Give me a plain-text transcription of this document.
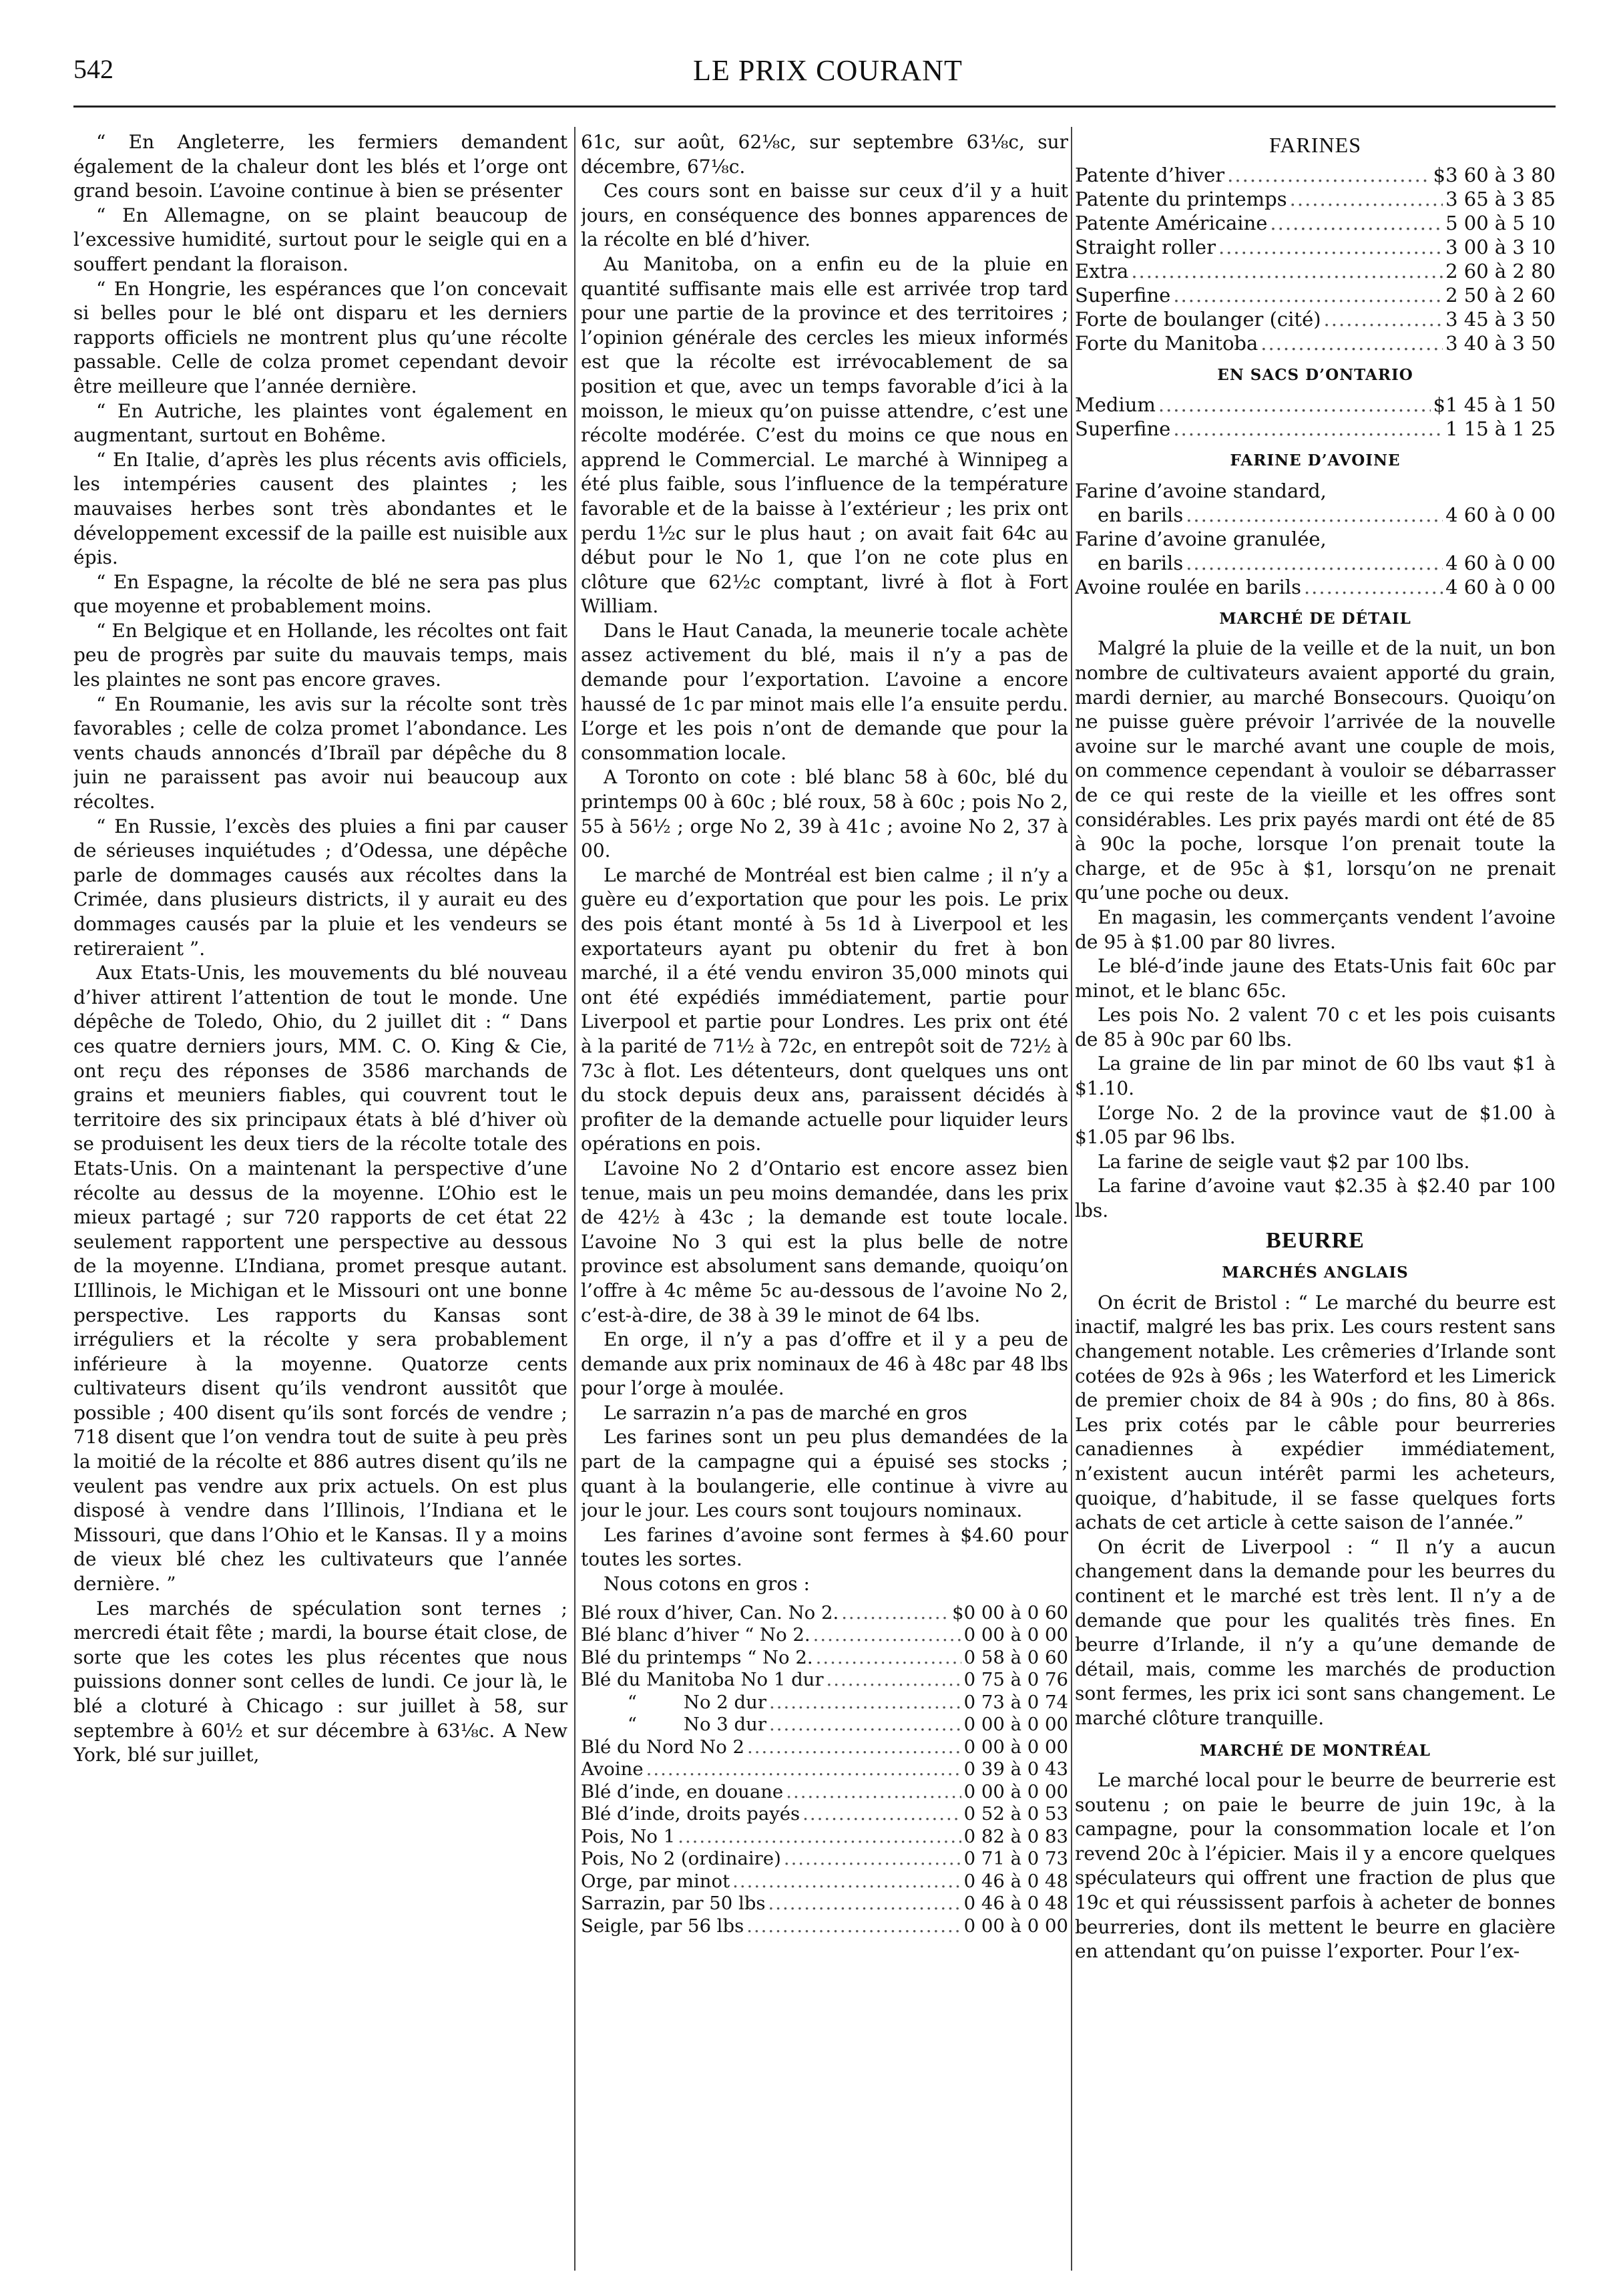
542	LE PRIX COURANT

“ En Angleterre, les fermiers demandent également de la chaleur dont les blés et l’orge ont grand besoin. L’avoine continue à bien se présenter

“ En Allemagne, on se plaint beaucoup de l’excessive humidité, surtout pour le seigle qui en a souffert pendant la floraison.

“ En Hongrie, les espérances que l’on concevait si belles pour le blé ont disparu et les derniers rapports officiels ne montrent plus qu’une récolte passable. Celle de colza promet cependant devoir être meilleure que l’année dernière.

“ En Autriche, les plaintes vont également en augmentant, surtout en Bohême.

“ En Italie, d’après les plus récents avis officiels, les intempéries causent des plaintes ; les mauvaises herbes sont très abondantes et le développement excessif de la paille est nuisible aux épis.

“ En Espagne, la récolte de blé ne sera pas plus que moyenne et probablement moins.

“ En Belgique et en Hollande, les récoltes ont fait peu de progrès par suite du mauvais temps, mais les plaintes ne sont pas encore graves.

“ En Roumanie, les avis sur la récolte sont très favorables ; celle de colza promet l’abondance. Les vents chauds annoncés d’Ibraïl par dépêche du 8 juin ne paraissent pas avoir nui beaucoup aux récoltes.

“ En Russie, l’excès des pluies a fini par causer de sérieuses inquiétudes ; d’Odessa, une dépêche parle de dommages causés aux récoltes dans la Crimée, dans plusieurs districts, il y aurait eu des dommages causés par la pluie et les vendeurs se retireraient ”.

Aux Etats-Unis, les mouvements du blé nouveau d’hiver attirent l’attention de tout le monde. Une dépêche de Toledo, Ohio, du 2 juillet dit : “ Dans ces quatre derniers jours, MM. C. O. King & Cie, ont reçu des réponses de 3586 marchands de grains et meuniers fiables, qui couvrent tout le territoire des six principaux états à blé d’hiver où se produisent les deux tiers de la récolte totale des Etats-Unis. On a maintenant la perspective d’une récolte au dessus de la moyenne. L’Ohio est le mieux partagé ; sur 720 rapports de cet état 22 seulement rapportent une perspective au dessous de la moyenne. L’Indiana, promet presque autant. L’Illinois, le Michigan et le Missouri ont une bonne perspective. Les rapports du Kansas sont irréguliers et la récolte y sera probablement inférieure à la moyenne. Quatorze cents cultivateurs disent qu’ils vendront aussitôt que possible ; 400 disent qu’ils sont forcés de vendre ; 718 disent que l’on vendra tout de suite à peu près la moitié de la récolte et 886 autres disent qu’ils ne veulent pas vendre aux prix actuels. On est plus disposé à vendre dans l’Illinois, l’Indiana et le Missouri, que dans l’Ohio et le Kansas. Il y a moins de vieux blé chez les cultivateurs que l’année dernière. ”

Les marchés de spéculation sont ternes ; mercredi était fête ; mardi, la bourse était close, de sorte que les cotes les plus récentes que nous puissions donner sont celles de lundi. Ce jour là, le blé a cloturé à Chicago : sur juillet à 58, sur septembre à 60½ et sur décembre à 63⅛c. A New York, blé sur juillet,

61c, sur août, 62⅛c, sur septembre 63⅛c, sur décembre, 67⅛c.

Ces cours sont en baisse sur ceux d’il y a huit jours, en conséquence des bonnes apparences de la récolte en blé d’hiver.

Au Manitoba, on a enfin eu de la pluie en quantité suffisante mais elle est arrivée trop tard pour une partie de la province et des territoires ; l’opinion générale des cercles les mieux informés est que la récolte est irrévocablement de sa position et que, avec un temps favorable d’ici à la moisson, le mieux qu’on puisse attendre, c’est une récolte modérée. C’est du moins ce que nous en apprend le Commercial. Le marché à Winnipeg a été plus faible, sous l’influence de la température favorable et de la baisse à l’extérieur ; les prix ont perdu 1½c sur le plus haut ; on avait fait 64c au début pour le No 1, que l’on ne cote plus en clôture que 62½c comptant, livré à flot à Fort William.

Dans le Haut Canada, la meunerie tocale achète assez activement du blé, mais il n’y a pas de demande pour l’exportation. L’avoine a encore haussé de 1c par minot mais elle l’a ensuite perdu. L’orge et les pois n’ont de demande que pour la consommation locale.

A Toronto on cote : blé blanc 58 à 60c, blé du printemps 00 à 60c ; blé roux, 58 à 60c ; pois No 2, 55 à 56½ ; orge No 2, 39 à 41c ; avoine No 2, 37 à 00.

Le marché de Montréal est bien calme ; il n’y a guère eu d’exportation que pour les pois. Le prix des pois étant monté à 5s 1d à Liverpool et les exportateurs ayant pu obtenir du fret à bon marché, il a été vendu environ 35,000 minots qui ont été expédiés immédiatement, partie pour Liverpool et partie pour Londres. Les prix ont été à la parité de 71½ à 72c, en entrepôt soit de 72½ à 73c à flot. Les détenteurs, dont quelques uns ont du stock depuis deux ans, paraissent décidés à profiter de la demande actuelle pour liquider leurs opérations en pois.

L’avoine No 2 d’Ontario est encore assez bien tenue, mais un peu moins demandée, dans les prix de 42½ à 43c ; la demande est toute locale. L’avoine No 3 qui est la plus belle de notre province est absolument sans demande, quoiqu’on l’offre à 4c même 5c au-dessous de l’avoine No 2, c’est-à-dire, de 38 à 39 le minot de 64 lbs.

En orge, il n’y a pas d’offre et il y a peu de demande aux prix nominaux de 46 à 48c par 48 lbs pour l’orge à moulée.

Le sarrazin n’a pas de marché en gros

Les farines sont un peu plus demandées de la part de la campagne qui a épuisé ses stocks ; quant à la boulangerie, elle continue à vivre au jour le jour. Les cours sont toujours nominaux.

Les farines d’avoine sont fermes à $4.60 pour toutes les sortes.

Nous cotons en gros :

Blé roux d’hiver, Can. No 2. .....	$0 00 à 0 60
Blé blanc d’hiver “ No 2. .....	0 00 à 0 00
Blé du printemps “ No 2. .....	0 58 à 0 60
Blé du Manitoba No 1 dur .....	0 75 à 0 76
“        No 2 dur .....	0 73 à 0 74
“        No 3 dur .....	0 00 à 0 00
Blé du Nord No 2 .....	0 00 à 0 00
Avoine .....	0 39 à 0 43
Blé d’inde, en douane .....	0 00 à 0 00
Blé d’inde, droits payés .....	0 52 à 0 53
Pois, No 1 .....	0 82 à 0 83
Pois, No 2 (ordinaire) .....	0 71 à 0 73
Orge, par minot .....	0 46 à 0 48
Sarrazin, par 50 lbs .....	0 46 à 0 48
Seigle, par 56 lbs .....	0 00 à 0 00
FARINES
Patente d’hiver .....	$3 60 à 3 80
Patente du printemps .....	3 65 à 3 85
Patente Américaine .....	5 00 à 5 10
Straight roller .....	3 00 à 3 10
Extra .....	2 60 à 2 80
Superfine .....	2 50 à 2 60
Forte de boulanger (cité) .....	3 45 à 3 50
Forte du Manitoba .....	3 40 à 3 50
EN SACS D’ONTARIO
Medium .....	$1 45 à 1 50
Superfine .....	1 15 à 1 25
FARINE D’AVOINE
Farine d’avoine standard,
en barils .....	4 60 à 0 00
Farine d’avoine granulée,
en barils .....	4 60 à 0 00
Avoine roulée en barils .....	4 60 à 0 00
MARCHÉ DE DÉTAIL

Malgré la pluie de la veille et de la nuit, un bon nombre de cultivateurs avaient apporté du grain, mardi dernier, au marché Bonsecours. Quoiqu’on ne puisse guère prévoir l’arrivée de la nouvelle avoine sur le marché avant une couple de mois, on commence cependant à vouloir se débarrasser de ce qui reste de la vieille et les offres sont considérables. Les prix payés mardi ont été de 85 à 90c la poche, lorsque l’on prenait toute la charge, et de 95c à $1, lorsqu’on ne prenait qu’une poche ou deux.

En magasin, les commerçants vendent l’avoine de 95 à $1.00 par 80 livres.

Le blé-d’inde jaune des Etats-Unis fait 60c par minot, et le blanc 65c.

Les pois No. 2 valent 70 c et les pois cuisants de 85 à 90c par 60 lbs.

La graine de lin par minot de 60 lbs vaut $1 à $1.10.

L’orge No. 2 de la province vaut de $1.00 à $1.05 par 96 lbs.

La farine de seigle vaut $2 par 100 lbs.

La farine d’avoine vaut $2.35 à $2.40 par 100 lbs.

BEURRE
MARCHÉS ANGLAIS

On écrit de Bristol : “ Le marché du beurre est inactif, malgré les bas prix. Les cours restent sans changement notable. Les crêmeries d’Irlande sont cotées de 92s à 96s ; les Waterford et les Limerick de premier choix de 84 à 90s ; do fins, 80 à 86s. Les prix cotés par le câble pour beurreries canadiennes à expédier immédiatement, n’existent aucun intérêt parmi les acheteurs, quoique, d’habitude, il se fasse quelques forts achats de cet article à cette saison de l’année.”

On écrit de Liverpool : “ Il n’y a aucun changement dans la demande pour les beurres du continent et le marché est très lent. Il n’y a de demande que pour les qualités très fines. En beurre d’Irlande, il n’y a qu’une demande de détail, mais, comme les marchés de production sont fermes, les prix ici sont sans changement. Le marché clôture tranquille.

MARCHÉ DE MONTRÉAL

Le marché local pour le beurre de beurrerie est soutenu ; on paie le beurre de juin 19c, à la campagne, pour la consommation locale et l’on revend 20c à l’épicier. Mais il y a encore quelques spéculateurs qui offrent une fraction de plus que 19c et qui réussissent parfois à acheter de bonnes beurreries, dont ils mettent le beurre en glacière en attendant qu’on puisse l’exporter. Pour l’ex-
